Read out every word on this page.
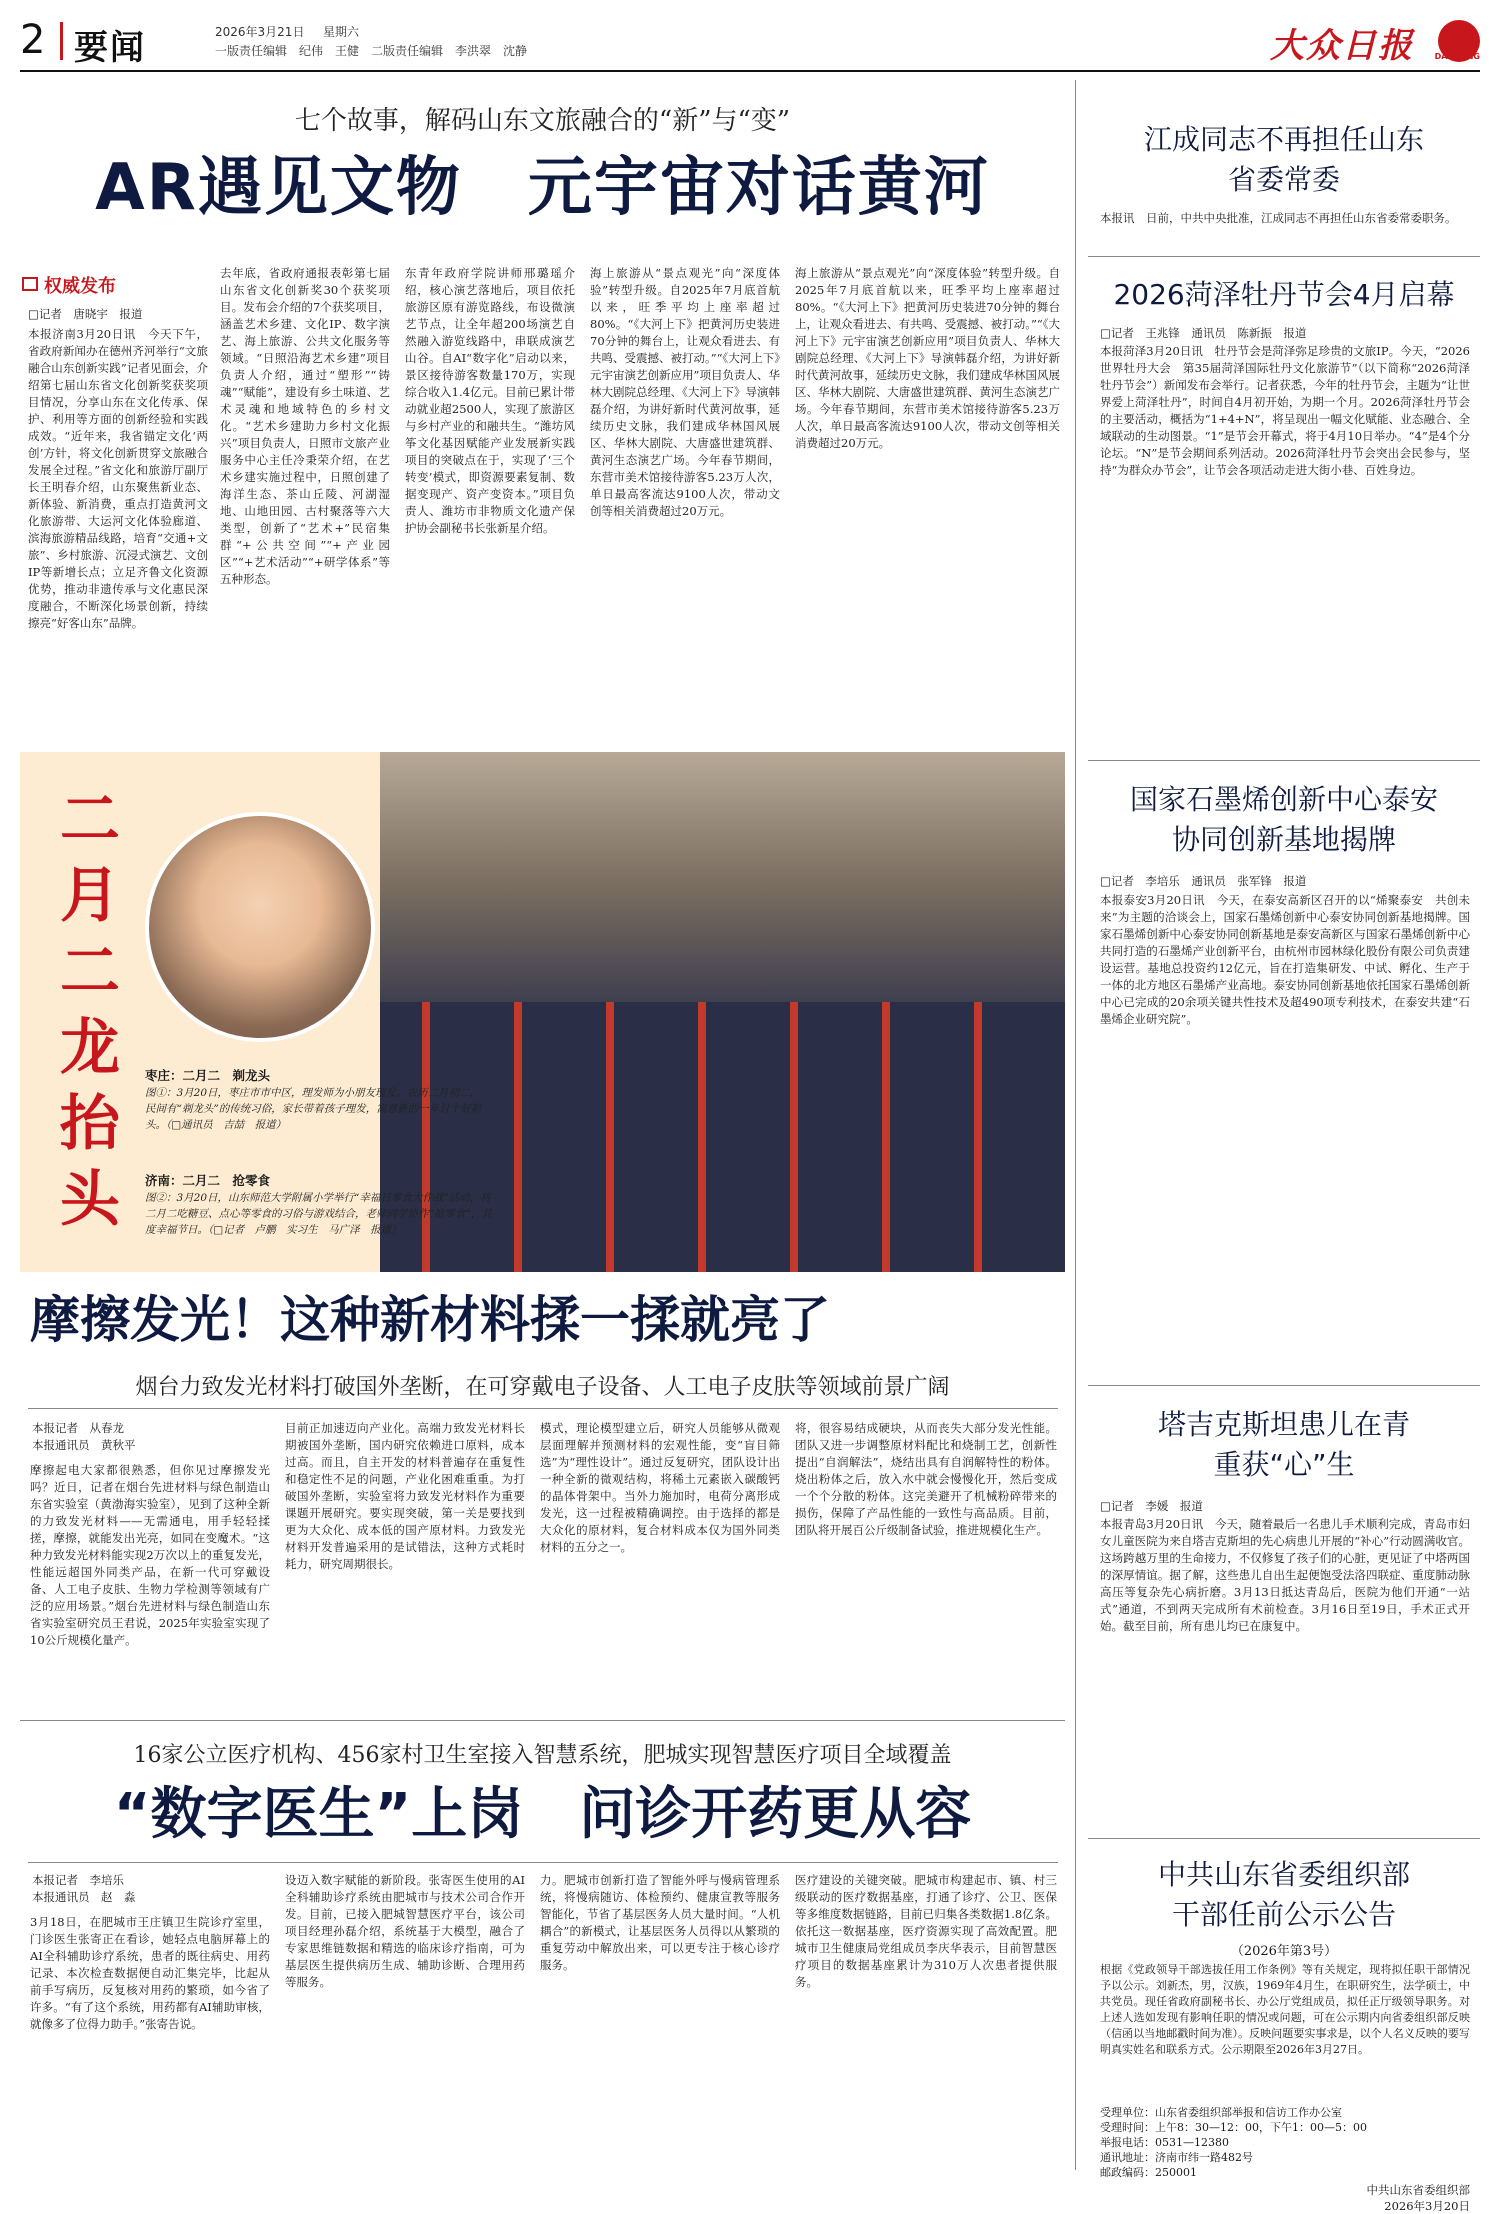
2 要闻	2026年3月21日 星期六
一版责任编辑　纪伟　王健　二版责任编辑　李洪翠　沈静	大众日报	DAZHONG
七个故事，解码山东文旅融合的“新”与“变”
AR遇见文物　元宇宙对话黄河
权威发布
□记者　唐晓宇　报道
本报济南3月20日讯　今天下午，省政府新闻办在德州齐河举行“文旅融合山东创新实践”记者见面会，介绍第七届山东省文化创新奖获奖项目情况，分享山东在文化传承、保护、利用等方面的创新经验和实践成效。“近年来，我省锚定文化‘两创’方针，将文化创新贯穿文旅融合发展全过程。”省文化和旅游厅副厅长王明春介绍，山东聚焦新业态、新体验、新消费，重点打造黄河文化旅游带、大运河文化体验廊道、滨海旅游精品线路，培育“交通+文旅”、乡村旅游、沉浸式演艺、文创IP等新增长点；立足齐鲁文化资源优势，推动非遗传承与文化惠民深度融合，不断深化场景创新，持续擦亮“好客山东”品牌。
去年底，省政府通报表彰第七届山东省文化创新奖30个获奖项目。发布会介绍的7个获奖项目，涵盖艺术乡建、文化IP、数字演艺、海上旅游、公共文化服务等领域。“日照沿海艺术乡建”项目负责人介绍，通过“塑形”“铸魂”“赋能”，建设有乡土味道、艺术灵魂和地域特色的乡村文化。“艺术乡建助力乡村文化振兴”项目负责人，日照市文旅产业服务中心主任冷秉荣介绍，在艺术乡建实施过程中，日照创建了海洋生态、茶山丘陵、河湖湿地、山地田园、古村聚落等六大类型，创新了“艺术+”民宿集群“+公共空间”“+产业园区”“+艺术活动”“+研学体系”等五种形态。
东青年政府学院讲师邢璐瑶介绍，核心演艺落地后，项目依托旅游区原有游览路线，布设微演艺节点，让全年超200场演艺自然融入游览线路中，串联成演艺山谷。自AI“数字化”启动以来，景区接待游客数量170万，实现综合收入1.4亿元。目前已累计带动就业超2500人，实现了旅游区与乡村产业的和融共生。“潍坊风筝文化基因赋能产业发展新实践项目的突破点在于，实现了‘三个转变’模式，即资源要素复制、数据变现产、资产变资本。”项目负责人、潍坊市非物质文化遗产保护协会副秘书长张新星介绍。
海上旅游从“景点观光”向“深度体验”转型升级。自2025年7月底首航以来，旺季平均上座率超过80%。“《大河上下》把黄河历史装进70分钟的舞台上，让观众看进去、有共鸣、受震撼、被打动。”“《大河上下》元宇宙演艺创新应用”项目负责人、华林大剧院总经理、《大河上下》导演韩磊介绍，为讲好新时代黄河故事，延续历史文脉，我们建成华林国风展区、华林大剧院、大唐盛世建筑群、黄河生态演艺广场。今年春节期间，东营市美术馆接待游客5.23万人次，单日最高客流达9100人次，带动文创等相关消费超过20万元。
海上旅游从“景点观光”向“深度体验”转型升级。自2025年7月底首航以来，旺季平均上座率超过80%。“《大河上下》把黄河历史装进70分钟的舞台上，让观众看进去、有共鸣、受震撼、被打动。”“《大河上下》元宇宙演艺创新应用”项目负责人、华林大剧院总经理、《大河上下》导演韩磊介绍，为讲好新时代黄河故事，延续历史文脉，我们建成华林国风展区、华林大剧院、大唐盛世建筑群、黄河生态演艺广场。今年春节期间，东营市美术馆接待游客5.23万人次，单日最高客流达9100人次，带动文创等相关消费超过20万元。
二
月
二
龙
抬
头
枣庄：二月二　剃龙头
图①：3月20日，枣庄市市中区，理发师为小朋友理发。农历二月初二，民间有“剃龙头”的传统习俗，家长带着孩子理发，寓意新的一年讨个好彩头。（□通讯员　吉喆　报道）
济南：二月二　抢零食
图②：3月20日，山东师范大学附属小学举行“幸福日零食大作战”活动，将二月二吃糖豆、点心等零食的习俗与游戏结合，老师同学协作“抢零食”，共度幸福节日。（□记者　卢鹏　实习生　马广泽　报道）
摩擦发光！这种新材料揉一揉就亮了
烟台力致发光材料打破国外垄断，在可穿戴电子设备、人工电子皮肤等领域前景广阔
本报记者　从春龙
本报通讯员　黄秋平
摩擦起电大家都很熟悉，但你见过摩擦发光吗？近日，记者在烟台先进材料与绿色制造山东省实验室（黄渤海实验室），见到了这种全新的力致发光材料——无需通电，用手轻轻揉搓，摩擦，就能发出光亮，如同在变魔术。“这种力致发光材料能实现2万次以上的重复发光，性能远超国外同类产品，在新一代可穿戴设备、人工电子皮肤、生物力学检测等领域有广泛的应用场景。”烟台先进材料与绿色制造山东省实验室研究员王君说，2025年实验室实现了10公斤规模化量产。
目前正加速迈向产业化。高端力致发光材料长期被国外垄断，国内研究依赖进口原料，成本过高。而且，自主开发的材料普遍存在重复性和稳定性不足的问题，产业化困难重重。为打破国外垄断，实验室将力致发光材料作为重要课题开展研究。要实现突破，第一关是要找到更为大众化、成本低的国产原材料。力致发光材料开发普遍采用的是试错法，这种方式耗时耗力，研究周期很长。
模式，理论模型建立后，研究人员能够从微观层面理解并预测材料的宏观性能，变“盲目筛选”为“理性设计”。通过反复研究，团队设计出一种全新的微观结构，将稀土元素嵌入碳酸钙的晶体骨架中。当外力施加时，电荷分离形成发光，这一过程被精确调控。由于选择的都是大众化的原材料，复合材料成本仅为国外同类材料的五分之一。
将，很容易结成硬块，从而丧失大部分发光性能。团队又进一步调整原材料配比和烧制工艺，创新性提出“自润解法”，烧结出具有自润解特性的粉体。烧出粉体之后，放入水中就会慢慢化开，然后变成一个个分散的粉体。这完美避开了机械粉碎带来的损伤，保障了产品性能的一致性与高品质。目前，团队将开展百公斤级制备试验，推进规模化生产。
16家公立医疗机构、456家村卫生室接入智慧系统，肥城实现智慧医疗项目全域覆盖
“数字医生”上岗　问诊开药更从容
本报记者　李培乐
本报通讯员　赵　淼
3月18日，在肥城市王庄镇卫生院诊疗室里，门诊医生张寄正在看诊，她轻点电脑屏幕上的AI全科辅助诊疗系统，患者的既往病史、用药记录、本次检查数据便自动汇集完毕，比起从前手写病历，反复核对用药的繁琐，如今省了许多。“有了这个系统，用药都有AI辅助审核，就像多了位得力助手。”张寄告说。
设迈入数字赋能的新阶段。张寄医生使用的AI全科辅助诊疗系统由肥城市与技术公司合作开发。目前，已接入肥城智慧医疗平台，该公司项目经理孙磊介绍，系统基于大模型，融合了专家思维链数据和精选的临床诊疗指南，可为基层医生提供病历生成、辅助诊断、合理用药等服务。
力。肥城市创新打造了智能外呼与慢病管理系统，将慢病随访、体检预约、健康宣教等服务智能化，节省了基层医务人员大量时间。“人机耦合”的新模式，让基层医务人员得以从繁琐的重复劳动中解放出来，可以更专注于核心诊疗服务。
医疗建设的关键突破。肥城市构建起市、镇、村三级联动的医疗数据基座，打通了诊疗、公卫、医保等多维度数据链路，目前已归集各类数据1.8亿条。依托这一数据基座，医疗资源实现了高效配置。肥城市卫生健康局党组成员李庆华表示，目前智慧医疗项目的数据基座累计为310万人次患者提供服务。
江成同志不再担任山东省委常委
本报讯　日前，中共中央批准，江成同志不再担任山东省委常委职务。
2026菏泽牡丹节会4月启幕
□记者　王兆锋　通讯员　陈新振　报道
本报菏泽3月20日讯　牡丹节会是菏泽弥足珍贵的文旅IP。今天，“2026世界牡丹大会　第35届菏泽国际牡丹文化旅游节”（以下简称“2026菏泽牡丹节会”）新闻发布会举行。记者获悉，今年的牡丹节会，主题为“让世界爱上菏泽牡丹”，时间自4月初开始，为期一个月。2026菏泽牡丹节会的主要活动，概括为“1+4+N”，将呈现出一幅文化赋能、业态融合、全域联动的生动图景。“1”是节会开幕式，将于4月10日举办。“4”是4个分论坛。“N”是节会期间系列活动。2026菏泽牡丹节会突出会民参与，坚持“为群众办节会”，让节会各项活动走进大街小巷、百姓身边。
国家石墨烯创新中心泰安协同创新基地揭牌
□记者　李培乐　通讯员　张军锋　报道
本报泰安3月20日讯　今天，在泰安高新区召开的以“烯聚泰安　共创未来”为主题的洽谈会上，国家石墨烯创新中心泰安协同创新基地揭牌。国家石墨烯创新中心泰安协同创新基地是泰安高新区与国家石墨烯创新中心共同打造的石墨烯产业创新平台，由杭州市园林绿化股份有限公司负责建设运营。基地总投资约12亿元，旨在打造集研发、中试、孵化、生产于一体的北方地区石墨烯产业高地。泰安协同创新基地依托国家石墨烯创新中心已完成的20余项关键共性技术及超490项专利技术，在泰安共建“石墨烯企业研究院”。
塔吉克斯坦患儿在青重获“心”生
□记者　李媛　报道
本报青岛3月20日讯　今天，随着最后一名患儿手术顺利完成，青岛市妇女儿童医院为来自塔吉克斯坦的先心病患儿开展的“补心”行动圆满收官。这场跨越万里的生命接力，不仅修复了孩子们的心脏，更见证了中塔两国的深厚情谊。据了解，这些患儿自出生起便饱受法洛四联症、重度肺动脉高压等复杂先心病折磨。3月13日抵达青岛后，医院为他们开通“一站式”通道，不到两天完成所有术前检查。3月16日至19日，手术正式开始。截至目前，所有患儿均已在康复中。
中共山东省委组织部干部任前公示公告
（2026年第3号）
根据《党政领导干部选拔任用工作条例》等有关规定，现将拟任职干部情况予以公示。刘新杰，男，汉族，1969年4月生，在职研究生，法学硕士，中共党员。现任省政府副秘书长、办公厅党组成员，拟任正厅级领导职务。对上述人选如发现有影响任职的情况或问题，可在公示期内向省委组织部反映（信函以当地邮戳时间为准）。反映问题要实事求是，以个人名义反映的要写明真实姓名和联系方式。公示期限至2026年3月27日。
受理单位：山东省委组织部举报和信访工作办公室
受理时间：上午8：30—12：00，下午1：00—5：00
举报电话：0531—12380
通讯地址：济南市纬一路482号
邮政编码：250001
中共山东省委组织部
2026年3月20日
